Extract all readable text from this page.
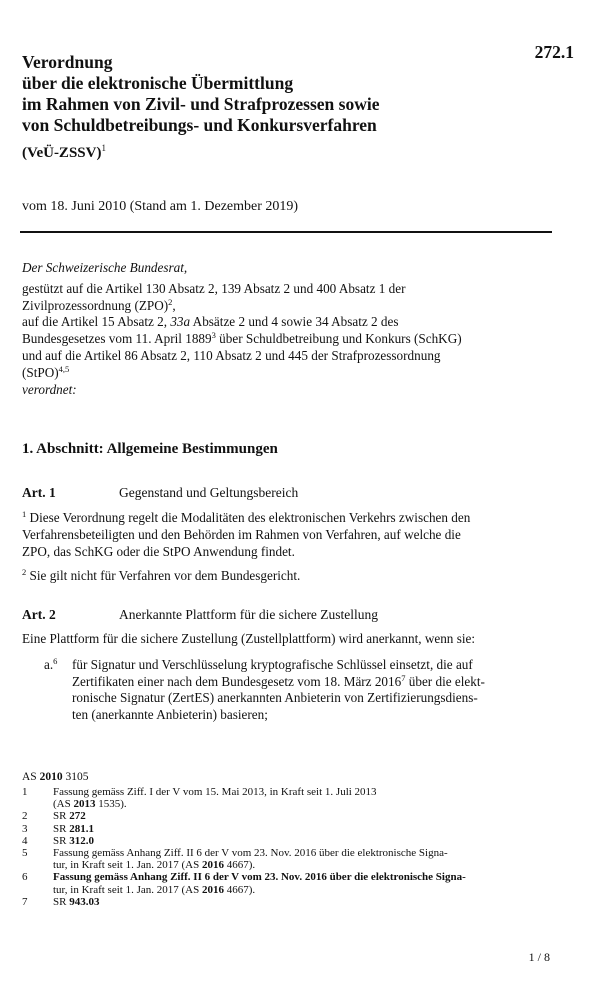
272.1
Verordnung
über die elektronische Übermittlung
im Rahmen von Zivil- und Strafprozessen sowie
von Schuldbetreibungs- und Konkursverfahren
(VeÜ-ZSSV)$^1$
vom 18. Juni 2010 (Stand am 1. Dezember 2019)
Der Schweizerische Bundesrat,
gestützt auf die Artikel 130 Absatz 2, 139 Absatz 2 und 400 Absatz 1 der
Zivilprozessordnung (ZPO)$^2$,
auf die Artikel 15 Absatz 2, 33a Absätze 2 und 4 sowie 34 Absatz 2 des
Bundesgesetzes vom 11. April 1889$^3$ über Schuldbetreibung und Konkurs (SchKG)
und auf die Artikel 86 Absatz 2, 110 Absatz 2 und 445 der Strafprozessordnung
(StPO)$^{4,5}$
verordnet:
1. Abschnitt: Allgemeine Bestimmungen
Art. 1	Gegenstand und Geltungsbereich
$^1$ Diese Verordnung regelt die Modalitäten des elektronischen Verkehrs zwischen den
Verfahrensbeteiligten und den Behörden im Rahmen von Verfahren, auf welche die
ZPO, das SchKG oder die StPO Anwendung findet.
$^2$ Sie gilt nicht für Verfahren vor dem Bundesgericht.
Art. 2	Anerkannte Plattform für die sichere Zustellung
Eine Plattform für die sichere Zustellung (Zustellplattform) wird anerkannt, wenn sie:
a.$^6$ für Signatur und Verschlüsselung kryptografische Schlüssel einsetzt, die auf
Zertifikaten einer nach dem Bundesgesetz vom 18. März 2016$^7$ über die elekt-
ronische Signatur (ZertES) anerkannten Anbieterin von Zertifizierungsdiens-
ten (anerkannte Anbieterin) basieren;
AS 2010 3105
1 Fassung gemäss Ziff. I der V vom 15. Mai 2013, in Kraft seit 1. Juli 2013
(AS 2013 1535).
2 SR 272
3 SR 281.1
4 SR 312.0
5 Fassung gemäss Anhang Ziff. II 6 der V vom 23. Nov. 2016 über die elektronische Signa-
tur, in Kraft seit 1. Jan. 2017 (AS 2016 4667).
6 Fassung gemäss Anhang Ziff. II 6 der V vom 23. Nov. 2016 über die elektronische Signa-
tur, in Kraft seit 1. Jan. 2017 (AS 2016 4667).
7 SR 943.03
1 / 8
